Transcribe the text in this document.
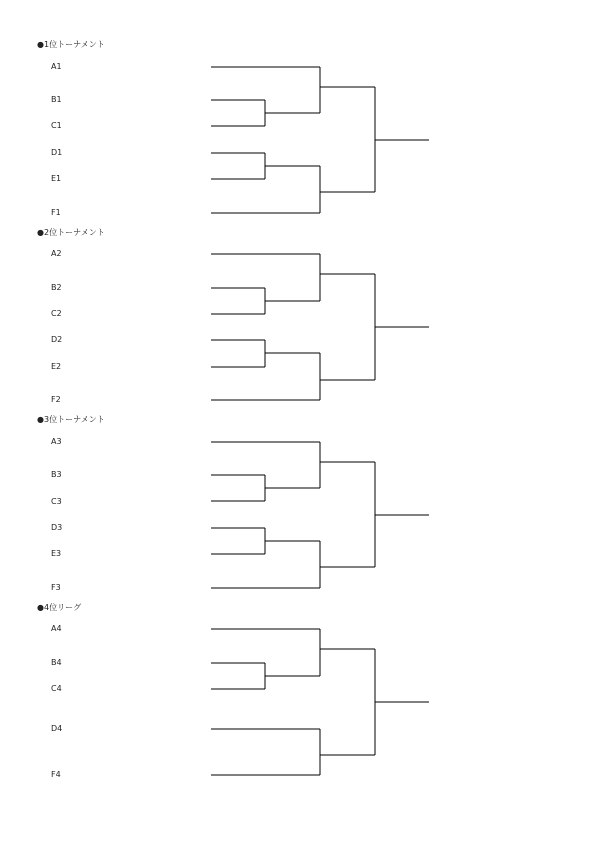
●1位トーナメント
A1
B1
C1
D1
E1
F1
●2位トーナメント
A2
B2
C2
D2
E2
F2
●3位トーナメント
A3
B3
C3
D3
E3
F3
●4位リーグ
A4
B4
C4
D4
F4
